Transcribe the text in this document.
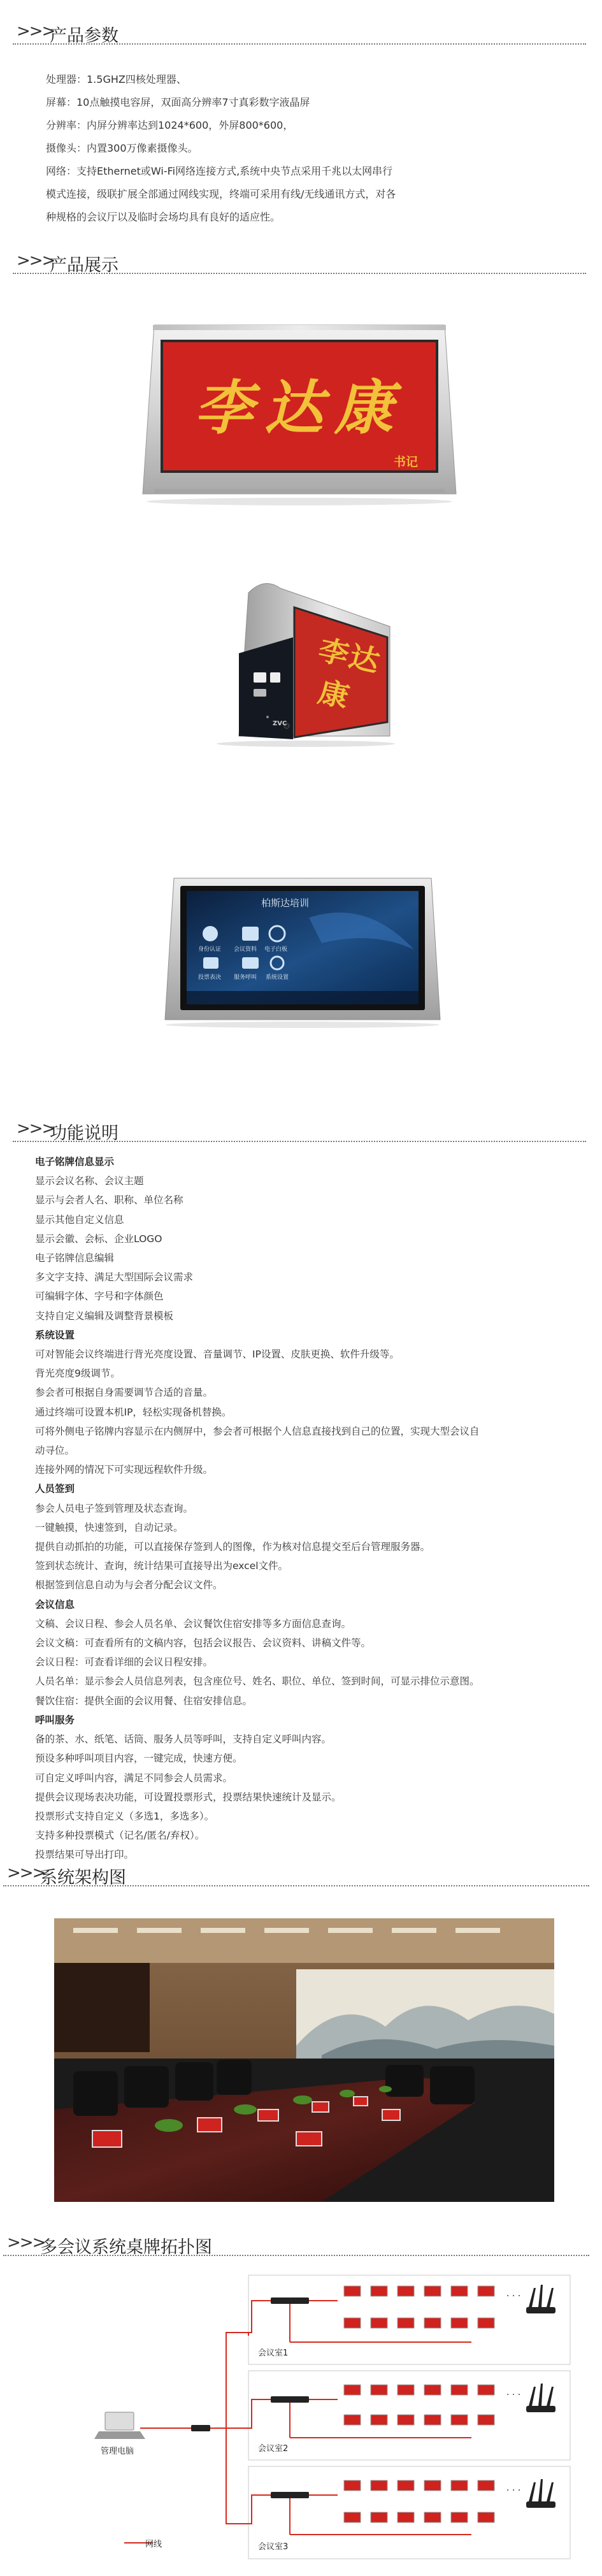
>>>
产品参数
处理器：1.5GHZ四核处理器、
屏幕：10点触摸电容屏，双面高分辨率7寸真彩数字液晶屏
分辨率：内屏分辨率达到1024*600，外屏800*600，
摄像头：内置300万像素摄像头。
网络：支持Ethernet或Wi-Fi网络连接方式,系统中央节点采用千兆以太网串行
模式连接，级联扩展全部通过网线实现，终端可采用有线/无线通讯方式，对各
种规格的会议厅以及临时会场均具有良好的适应性。
>>>
产品展示
李达康
书记
李达康
ZVC
柏斯达培训
身份认证 会议资料 电子白板
投票表决 服务呼叫 系统设置
>>>
功能说明
电子铭牌信息显示
显示会议名称、会议主题
显示与会者人名、职称、单位名称
显示其他自定义信息
显示会徽、会标、企业LOGO
电子铭牌信息编辑
多文字支持、满足大型国际会议需求
可编辑字体、字号和字体颜色
支持自定义编辑及调整背景模板
系统设置
可对智能会议终端进行背光亮度设置、音量调节、IP设置、皮肤更换、软件升级等。
背光亮度9级调节。
参会者可根据自身需要调节合适的音量。
通过终端可设置本机IP，轻松实现备机替换。
可将外侧电子铭牌内容显示在内侧屏中，参会者可根据个人信息直接找到自己的位置，实现大型会议自
动寻位。
连接外网的情况下可实现远程软件升级。
人员签到
参会人员电子签到管理及状态查询。
一键触摸，快速签到，自动记录。
提供自动抓拍的功能，可以直接保存签到人的图像，作为核对信息提交至后台管理服务器。
签到状态统计、查询，统计结果可直接导出为excel文件。
根据签到信息自动为与会者分配会议文件。
会议信息
文稿、会议日程、参会人员名单、会议餐饮住宿安排等多方面信息查询。
会议文稿：可查看所有的文稿内容，包括会议报告、会议资料、讲稿文件等。
会议日程：可查看详细的会议日程安排。
人员名单：显示参会人员信息列表，包含座位号、姓名、职位、单位、签到时间，可显示排位示意图。
餐饮住宿：提供全面的会议用餐、住宿安排信息。
呼叫服务
备的茶、水、纸笔、话筒、服务人员等呼叫，支持自定义呼叫内容。
预设多种呼叫项目内容，一键完成，快速方便。
可自定义呼叫内容，满足不同参会人员需求。
提供会议现场表决功能，可设置投票形式，投票结果快速统计及显示。
投票形式支持自定义（多选1，多选多）。
支持多种投票模式（记名/匿名/弃权）。
投票结果可导出打印。
>>>
系统架构图
>>>
多会议系统桌牌拓扑图
会议室1
会议室2
会议室3
管理电脑
网线
· · ·
· · ·
· · ·
